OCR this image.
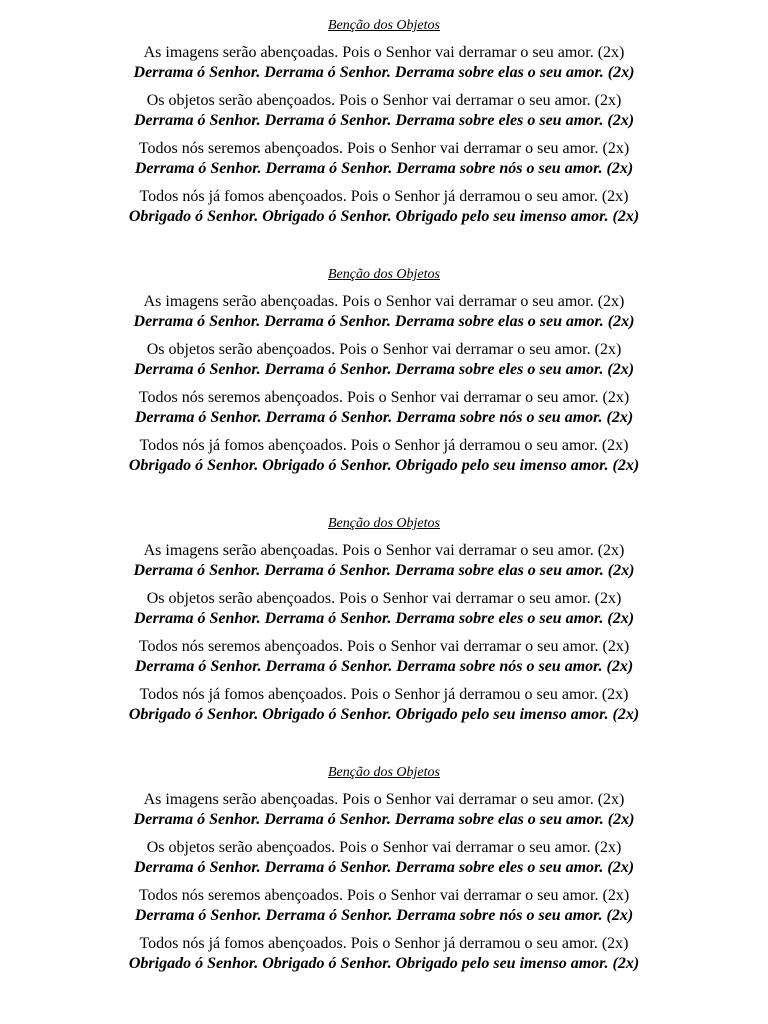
Benção dos Objetos
As imagens serão abençoadas. Pois o Senhor vai derramar o seu amor. (2x)
Derrama ó Senhor. Derrama ó Senhor. Derrama sobre elas o seu amor. (2x)
Os objetos serão abençoados. Pois o Senhor vai derramar o seu amor. (2x)
Derrama ó Senhor. Derrama ó Senhor. Derrama sobre eles o seu amor. (2x)
Todos nós seremos abençoados. Pois o Senhor vai derramar o seu amor. (2x)
Derrama ó Senhor. Derrama ó Senhor. Derrama sobre nós o seu amor. (2x)
Todos nós já fomos abençoados. Pois o Senhor já derramou o seu amor. (2x)
Obrigado ó Senhor. Obrigado ó Senhor. Obrigado pelo seu imenso amor. (2x)
Benção dos Objetos
As imagens serão abençoadas. Pois o Senhor vai derramar o seu amor. (2x)
Derrama ó Senhor. Derrama ó Senhor. Derrama sobre elas o seu amor. (2x)
Os objetos serão abençoados. Pois o Senhor vai derramar o seu amor. (2x)
Derrama ó Senhor. Derrama ó Senhor. Derrama sobre eles o seu amor. (2x)
Todos nós seremos abençoados. Pois o Senhor vai derramar o seu amor. (2x)
Derrama ó Senhor. Derrama ó Senhor. Derrama sobre nós o seu amor. (2x)
Todos nós já fomos abençoados. Pois o Senhor já derramou o seu amor. (2x)
Obrigado ó Senhor. Obrigado ó Senhor. Obrigado pelo seu imenso amor. (2x)
Benção dos Objetos
As imagens serão abençoadas. Pois o Senhor vai derramar o seu amor. (2x)
Derrama ó Senhor. Derrama ó Senhor. Derrama sobre elas o seu amor. (2x)
Os objetos serão abençoados. Pois o Senhor vai derramar o seu amor. (2x)
Derrama ó Senhor. Derrama ó Senhor. Derrama sobre eles o seu amor. (2x)
Todos nós seremos abençoados. Pois o Senhor vai derramar o seu amor. (2x)
Derrama ó Senhor. Derrama ó Senhor. Derrama sobre nós o seu amor. (2x)
Todos nós já fomos abençoados. Pois o Senhor já derramou o seu amor. (2x)
Obrigado ó Senhor. Obrigado ó Senhor. Obrigado pelo seu imenso amor. (2x)
Benção dos Objetos
As imagens serão abençoadas. Pois o Senhor vai derramar o seu amor. (2x)
Derrama ó Senhor. Derrama ó Senhor. Derrama sobre elas o seu amor. (2x)
Os objetos serão abençoados. Pois o Senhor vai derramar o seu amor. (2x)
Derrama ó Senhor. Derrama ó Senhor. Derrama sobre eles o seu amor. (2x)
Todos nós seremos abençoados. Pois o Senhor vai derramar o seu amor. (2x)
Derrama ó Senhor. Derrama ó Senhor. Derrama sobre nós o seu amor. (2x)
Todos nós já fomos abençoados. Pois o Senhor já derramou o seu amor. (2x)
Obrigado ó Senhor. Obrigado ó Senhor. Obrigado pelo seu imenso amor. (2x)
